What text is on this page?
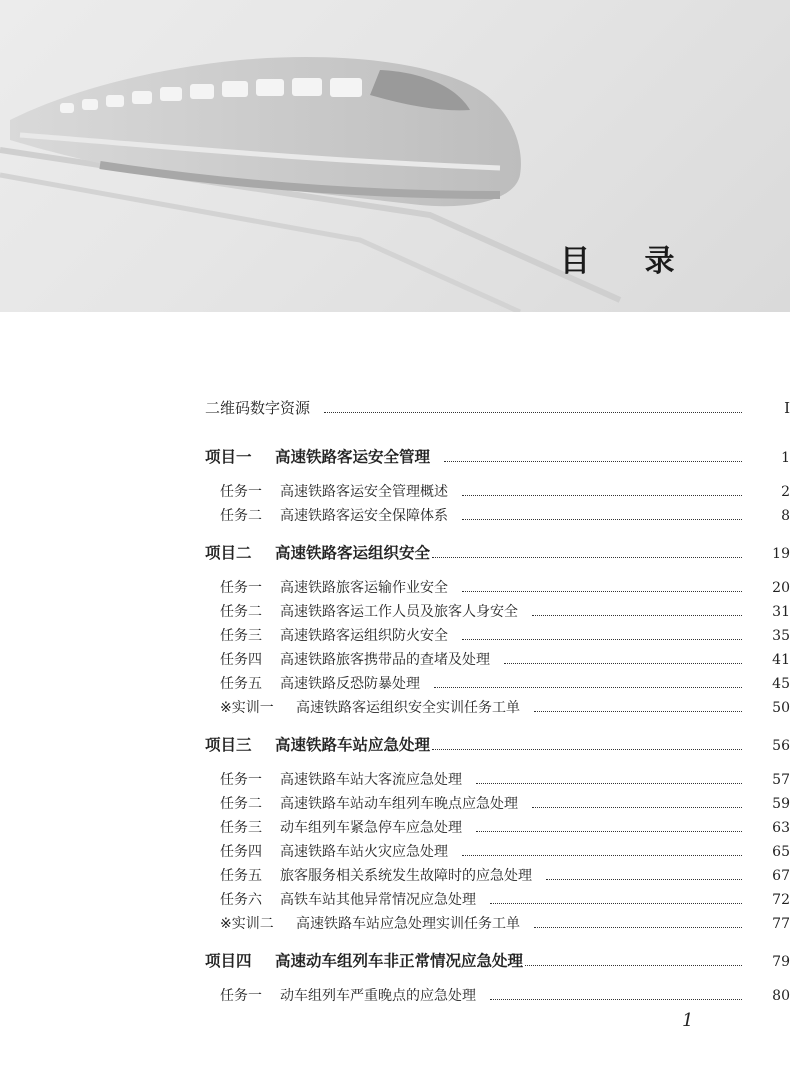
目 录
二维码数字资源	I
项目一	高速铁路客运安全管理	1
任务一	高速铁路客运安全管理概述	2
任务二	高速铁路客运安全保障体系	8
项目二	高速铁路客运组织安全	19
任务一	高速铁路旅客运输作业安全	20
任务二	高速铁路客运工作人员及旅客人身安全	31
任务三	高速铁路客运组织防火安全	35
任务四	高速铁路旅客携带品的查堵及处理	41
任务五	高速铁路反恐防暴处理	45
※实训一	高速铁路客运组织安全实训任务工单	50
项目三	高速铁路车站应急处理	56
任务一	高速铁路车站大客流应急处理	57
任务二	高速铁路车站动车组列车晚点应急处理	59
任务三	动车组列车紧急停车应急处理	63
任务四	高速铁路车站火灾应急处理	65
任务五	旅客服务相关系统发生故障时的应急处理	67
任务六	高铁车站其他异常情况应急处理	72
※实训二	高速铁路车站应急处理实训任务工单	77
项目四	高速动车组列车非正常情况应急处理	79
任务一	动车组列车严重晚点的应急处理	80
1
